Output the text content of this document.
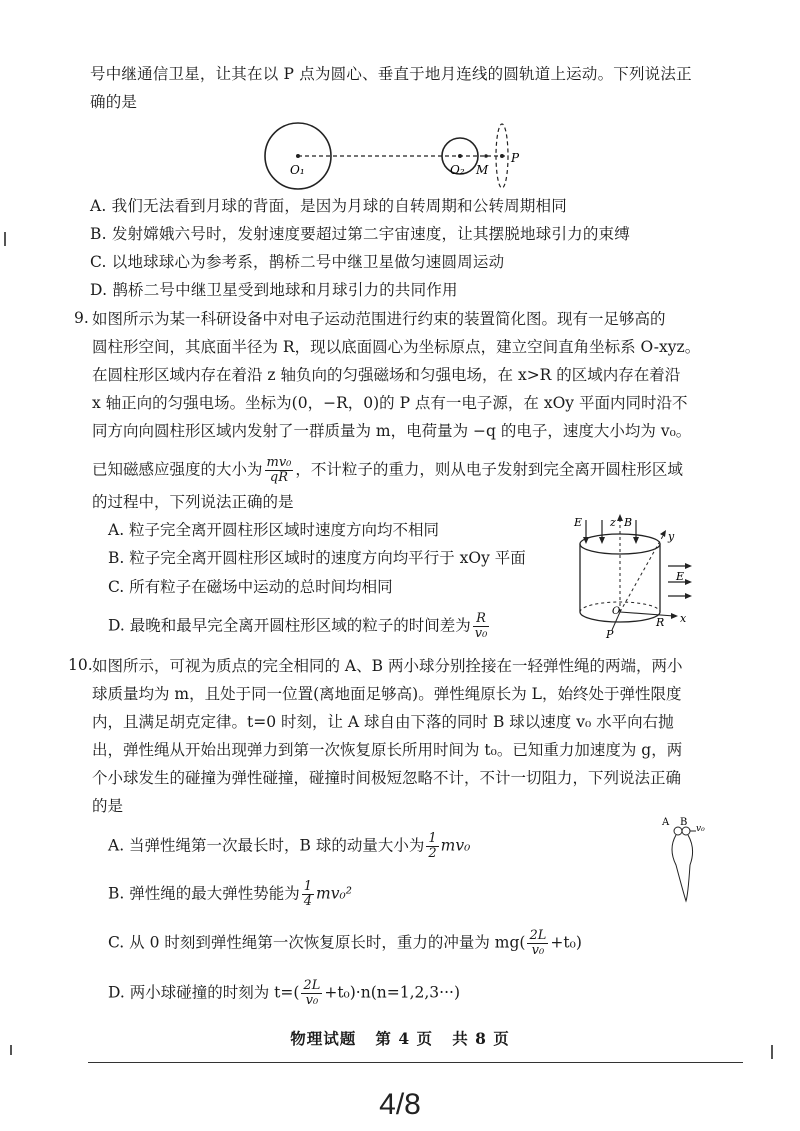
号中继通信卫星，让其在以 P 点为圆心、垂直于地月连线的圆轨道上运动。下列说法正
确的是
O₁	O₂ M
P
A. 我们无法看到月球的背面，是因为月球的自转周期和公转周期相同
B. 发射嫦娥六号时，发射速度要超过第二宇宙速度，让其摆脱地球引力的束缚
C. 以地球球心为参考系，鹊桥二号中继卫星做匀速圆周运动
D. 鹊桥二号中继卫星受到地球和月球引力的共同作用
9. 如图所示为某一科研设备中对电子运动范围进行约束的装置简化图。现有一足够高的
圆柱形空间，其底面半径为 R，现以底面圆心为坐标原点，建立空间直角坐标系 O-xyz。
在圆柱形区域内存在着沿 z 轴负向的匀强磁场和匀强电场，在 x>R 的区域内存在着沿
x 轴正向的匀强电场。坐标为(0，−R，0)的 P 点有一电子源，在 xOy 平面内同时沿不
同方向向圆柱形区域内发射了一群质量为 m，电荷量为 −q 的电子，速度大小均为 v₀。
已知磁感应强度的大小为 $\frac{\text{mv₀}}{qR}$ ，不计粒子的重力，则从电子发射到完全离开圆柱形区域
的过程中，下列说法正确的是
A. 粒子完全离开圆柱形区域时速度方向均不相同
B. 粒子完全离开圆柱形区域时的速度方向均平行于 xOy 平面
C. 所有粒子在磁场中运动的总时间均相同
D. 最晚和最早完全离开圆柱形区域的粒子的时间差为 $\frac{R}{\text{v₀}}$
E	z B
y
E
O
x
R
P
10. 如图所示，可视为质点的完全相同的 A、B 两小球分别拴接在一轻弹性绳的两端，两小
球质量均为 m，且处于同一位置(离地面足够高)。弹性绳原长为 L，始终处于弹性限度
内，且满足胡克定律。t=0 时刻，让 A 球自由下落的同时 B 球以速度 v₀ 水平向右抛
出，弹性绳从开始出现弹力到第一次恢复原长所用时间为 t₀。已知重力加速度为 g，两
个小球发生的碰撞为弹性碰撞，碰撞时间极短忽略不计，不计一切阻力，下列说法正确
的是
A. 当弹性绳第一次最长时，B 球的动量大小为 $\frac{1}{2} mv_0$
B. 弹性绳的最大弹性势能为 $\frac{1}{4} mv_0^2$
C. 从 0 时刻到弹性绳第一次恢复原长时，重力的冲量为 $mg( \frac{2L}{\text{v₀}} +t_0)$
D. 两小球碰撞的时刻为 $t=( \frac{2L}{\text{v₀}} +t_0)\cdot n(n=1,2,3\cdot\cdot\cdot)$
A B
v₀
物理试题 第 4 页 共 8 页
4/8
